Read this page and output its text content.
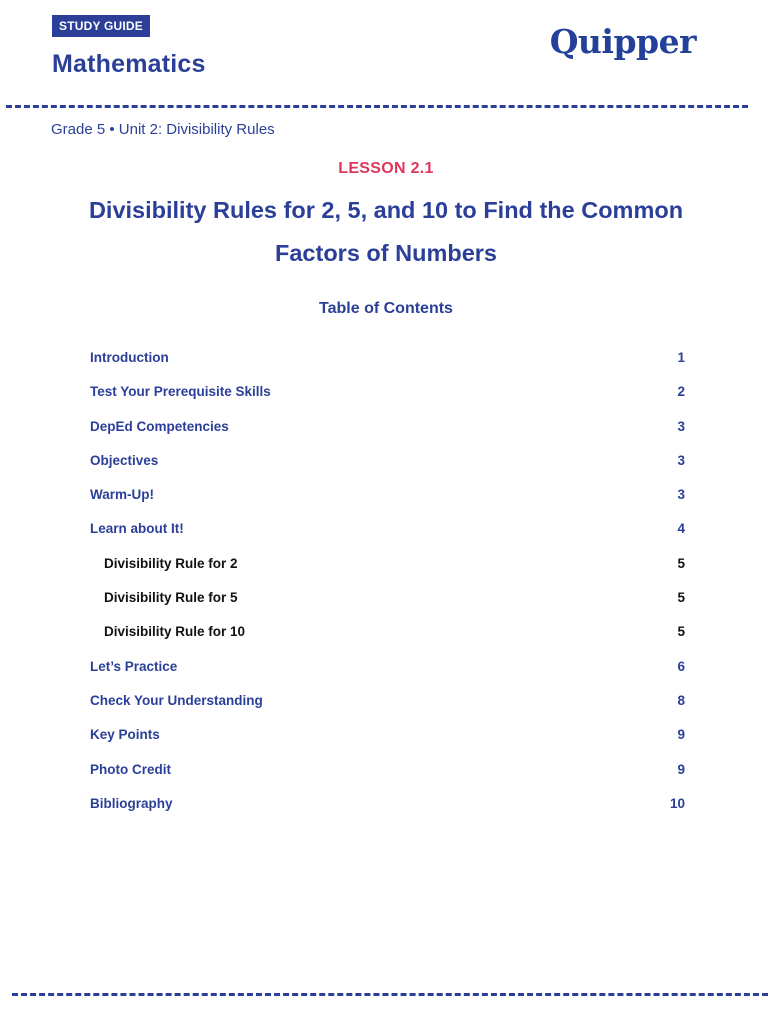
STUDY GUIDE
Mathematics
Quipper
Grade 5 • Unit 2: Divisibility Rules
LESSON 2.1
Divisibility Rules for 2, 5, and 10 to Find the Common Factors of Numbers
Table of Contents
Introduction	1
Test Your Prerequisite Skills	2
DepEd Competencies	3
Objectives	3
Warm-Up!	3
Learn about It!	4
Divisibility Rule for 2	5
Divisibility Rule for 5	5
Divisibility Rule for 10	5
Let’s Practice	6
Check Your Understanding	8
Key Points	9
Photo Credit	9
Bibliography	10
